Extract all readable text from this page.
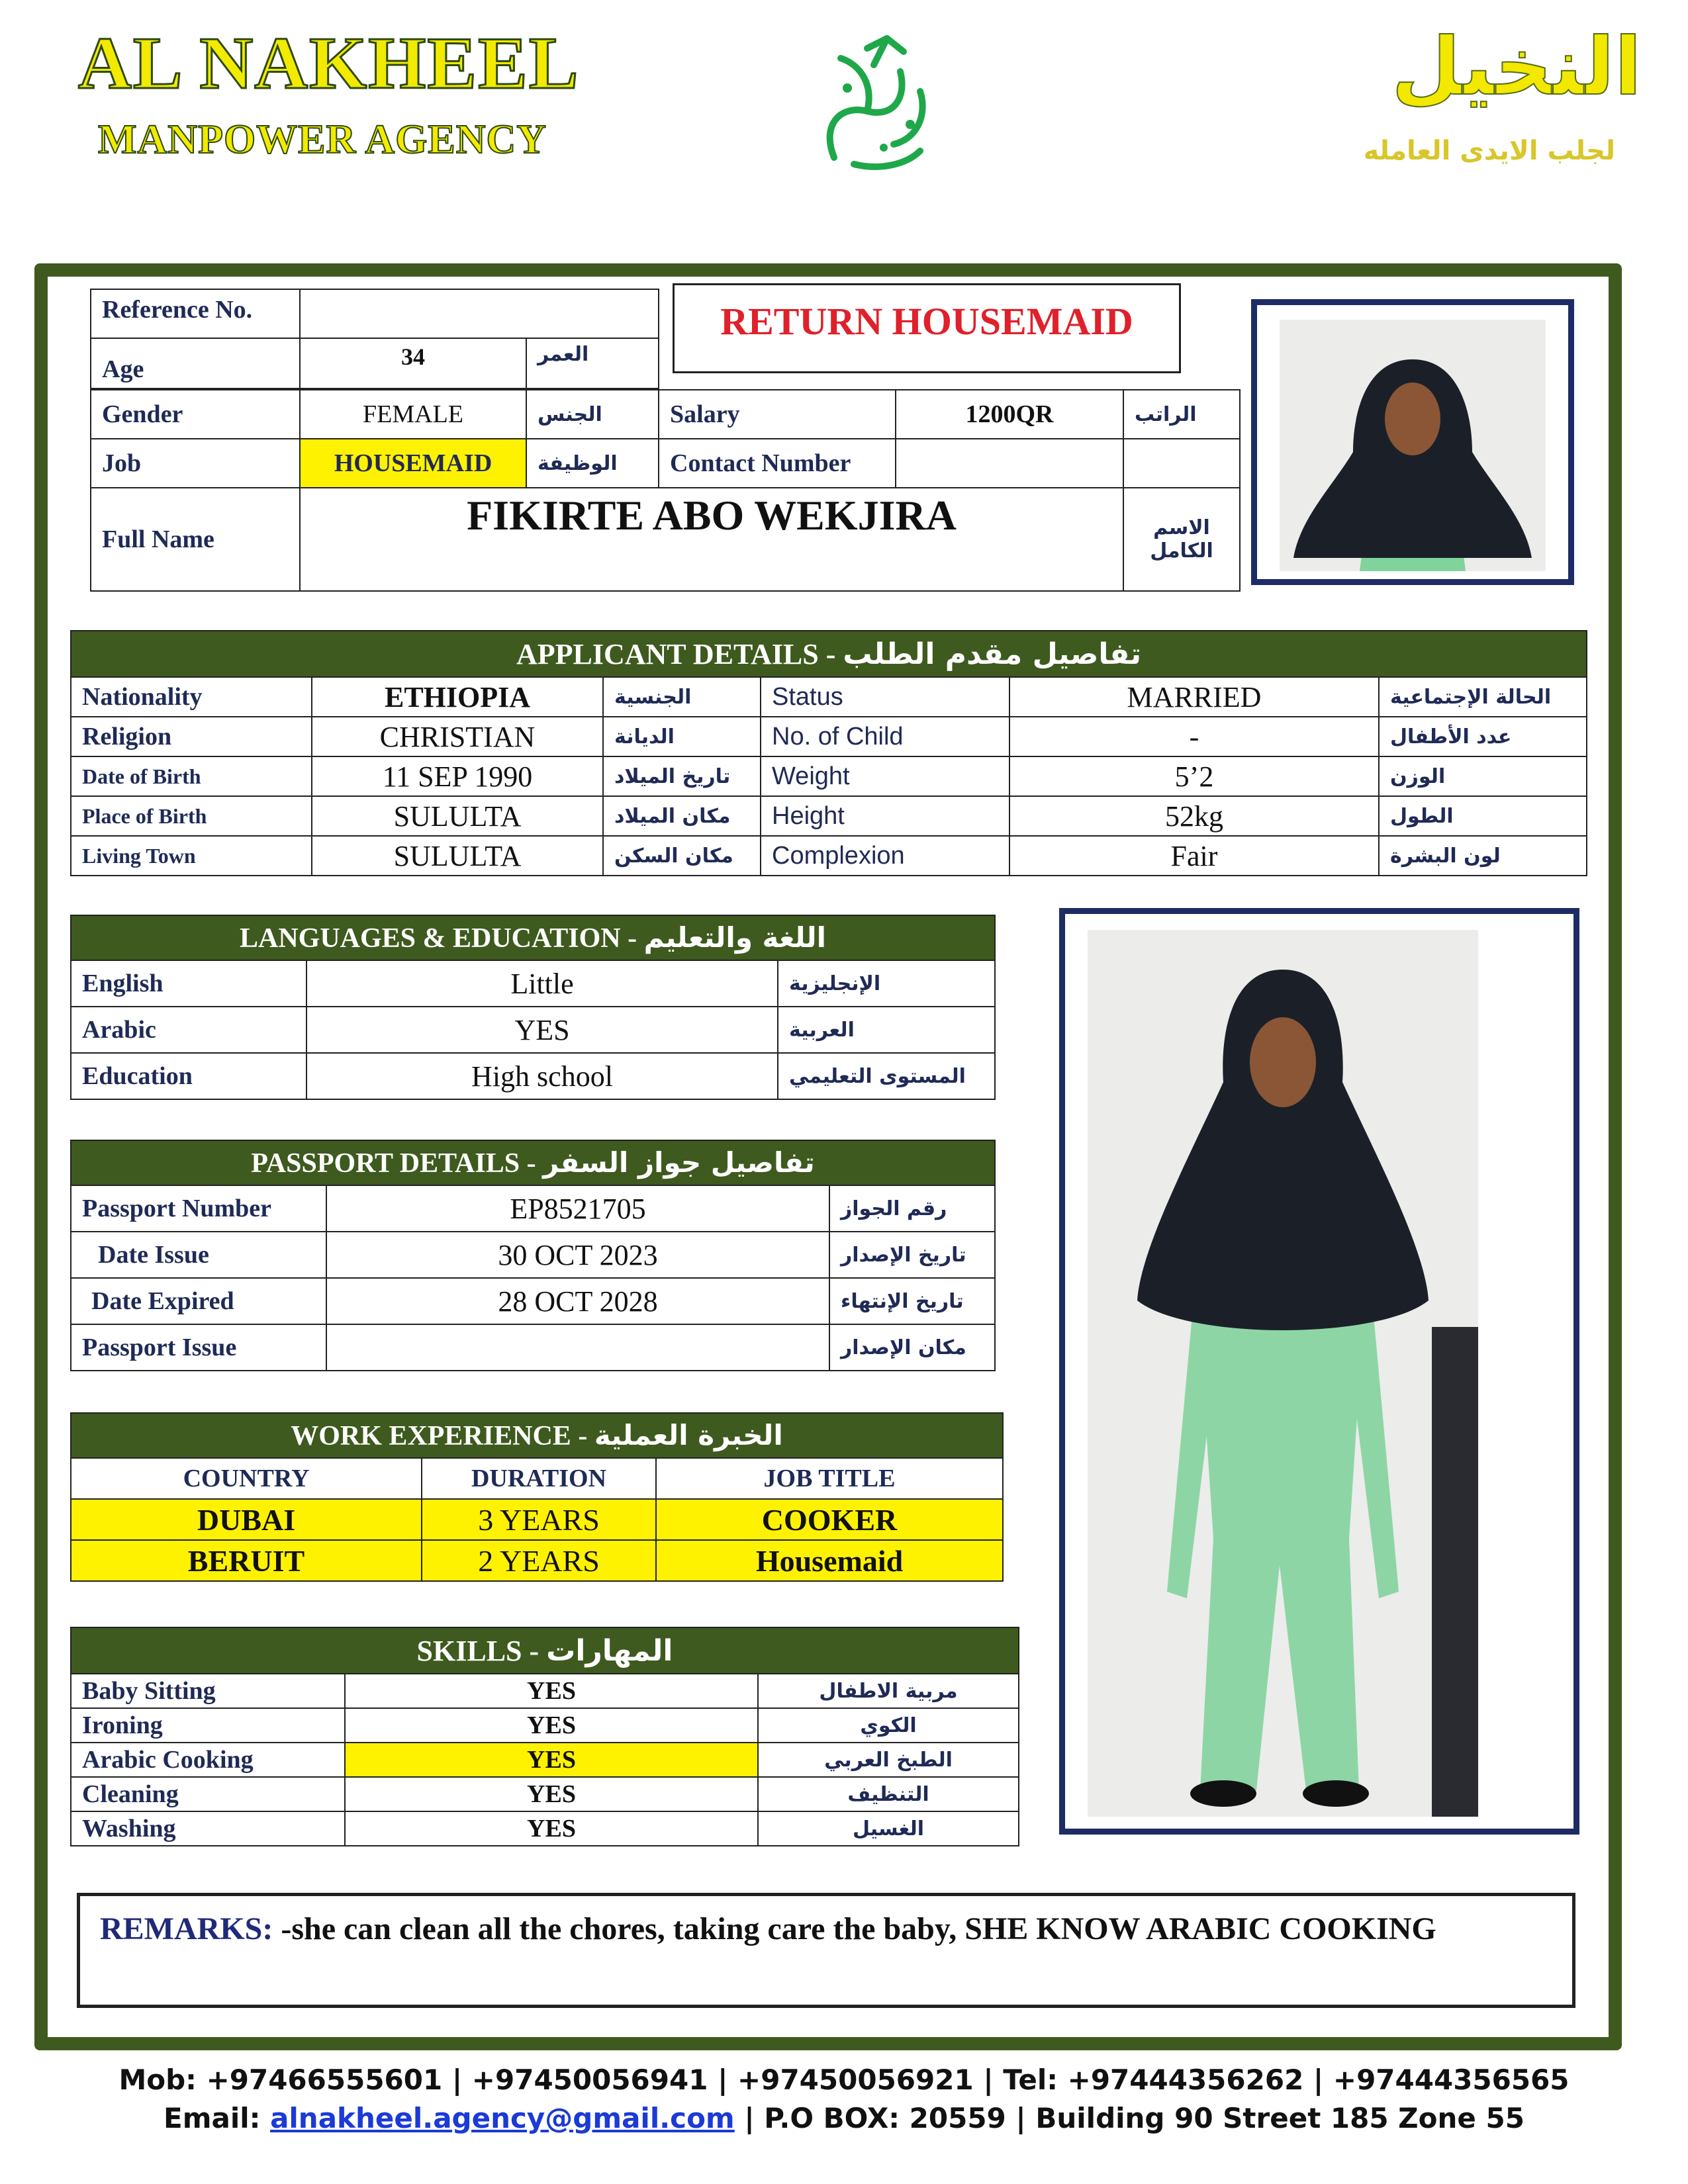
AL NAKHEEL
MANPOWER AGENCY
النخيل
لجلب الايدى العامله
Reference No.		
Age	34	العمر
Gender	FEMALE	الجنس	Salary	1200QR	الراتب
Job	HOUSEMAID	الوظيفة	Contact Number		
Full Name	FIKIRTE ABO WEKJIRA				الاسم
الكامل
RETURN HOUSEMAID
APPLICANT DETAILS - تفاصيل مقدم الطلب					
Nationality	ETHIOPIA	الجنسية	Status	MARRIED	الحالة الإجتماعية
Religion	CHRISTIAN	الديانة	No. of Child	-	عدد الأطفال
Date of Birth	11 SEP 1990	تاريخ الميلاد	Weight	5’2	الوزن
Place of Birth	SULULTA	مكان الميلاد	Height	52kg	الطول
Living Town	SULULTA	مكان السكن	Complexion	Fair	لون البشرة
LANGUAGES & EDUCATION - اللغة والتعليم		
English	Little	الإنجليزية
Arabic	YES	العربية
Education	High school	المستوى التعليمي
PASSPORT DETAILS - تفاصيل جواز السفر		
Passport Number	EP8521705	رقم الجواز
Date Issue	30 OCT 2023	تاريخ الإصدار
Date Expired	28 OCT 2028	تاريخ الإنتهاء
Passport Issue		مكان الإصدار
WORK EXPERIENCE - الخبرة العملية		
COUNTRY	DURATION	JOB TITLE
DUBAI	3 YEARS	COOKER
BERUIT	2 YEARS	Housemaid
SKILLS - المهارات		
Baby Sitting	YES	مربية الاطفال
Ironing	YES	الكوي
Arabic Cooking	YES	الطبخ العربي
Cleaning	YES	التنظيف
Washing	YES	الغسيل
REMARKS: -she can clean all the chores, taking care the baby, SHE KNOW ARABIC COOKING
Mob: +97466555601 | +97450056941 | +97450056921 | Tel: +97444356262 | +97444356565
Email: alnakheel.agency@gmail.com | P.O BOX: 20559 | Building 90 Street 185 Zone 55
